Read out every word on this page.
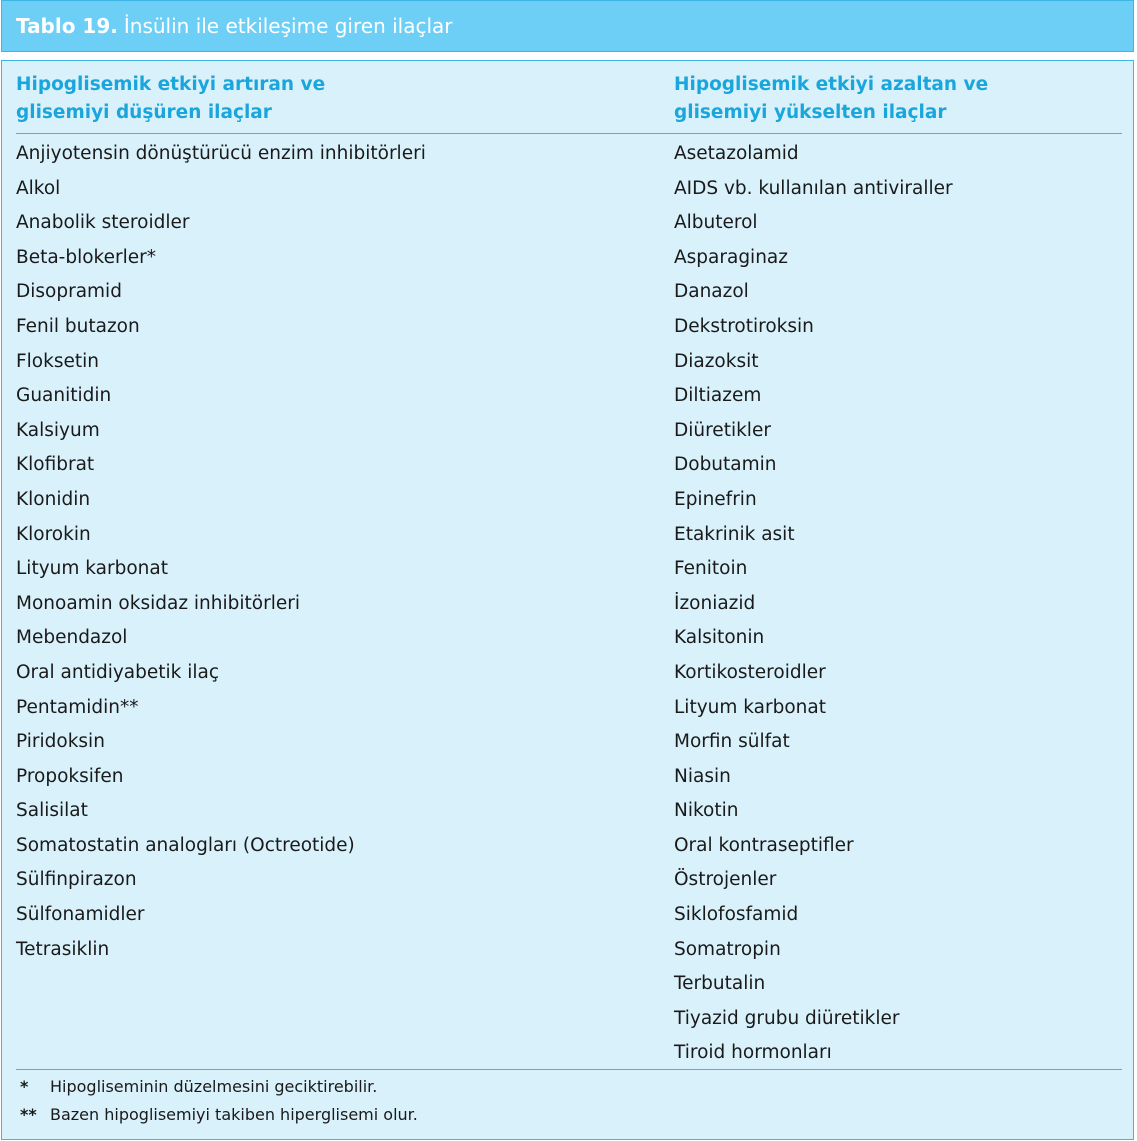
Tablo 19. İnsülin ile etkileşime giren ilaçlar
Hipoglisemik etkiyi artıran ve
glisemiyi düşüren ilaçlar
Anjiyotensin dönüştürücü enzim inhibitörleri
Alkol
Anabolik steroidler
Beta-blokerler*
Disopramid
Fenil butazon
Floksetin
Guanitidin
Kalsiyum
Klofibrat
Klonidin
Klorokin
Lityum karbonat
Monoamin oksidaz inhibitörleri
Mebendazol
Oral antidiyabetik ilaç
Pentamidin**
Piridoksin
Propoksifen
Salisilat
Somatostatin analogları (Octreotide)
Sülfinpirazon
Sülfonamidler
Tetrasiklin
Hipoglisemik etkiyi azaltan ve
glisemiyi yükselten ilaçlar
Asetazolamid
AIDS vb. kullanılan antiviraller
Albuterol
Asparaginaz
Danazol
Dekstrotiroksin
Diazoksit
Diltiazem
Diüretikler
Dobutamin
Epinefrin
Etakrinik asit
Fenitoin
İzoniazid
Kalsitonin
Kortikosteroidler
Lityum karbonat
Morfin sülfat
Niasin
Nikotin
Oral kontraseptifler
Östrojenler
Siklofosfamid
Somatropin
Terbutalin
Tiyazid grubu diüretikler
Tiroid hormonları
*	Hipogliseminin düzelmesini geciktirebilir.
** Bazen hipoglisemiyi takiben hiperglisemi olur.
